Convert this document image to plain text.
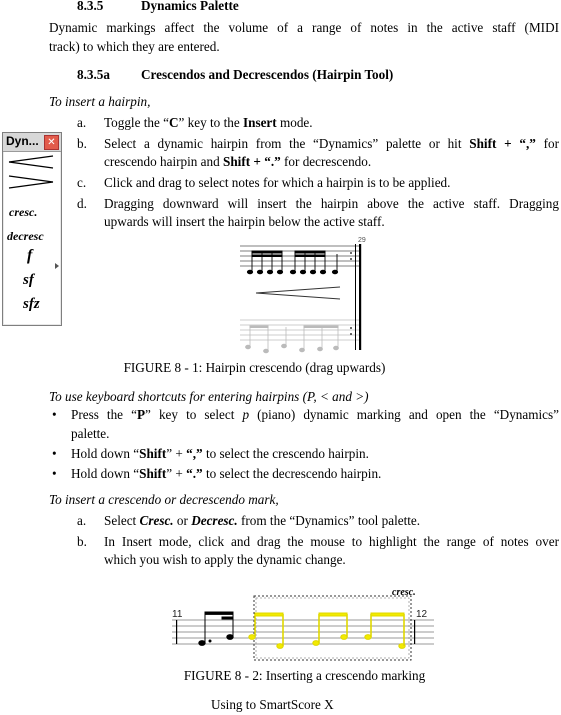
8.3.5	Dynamics Palette
Dynamic markings affect the volume of a range of notes in the active staff (MIDI
track) to which they are entered.
8.3.5a Crescendos and Decrescendos (Hairpin Tool)
To insert a hairpin,
a. Toggle the “C” key to the Insert mode.
b. Select a dynamic hairpin from the “Dynamics” palette or hit Shift + “,” for
crescendo hairpin and Shift + “.” for decrescendo.
c. Click and drag to select notes for which a hairpin is to be applied.
d. Dragging downward will insert the hairpin above the active staff. Dragging
upwards will insert the hairpin below the active staff.
Dyn... ✕
cresc.
decresc
f
sf
sfz
29
FIGURE 8 - 1: Hairpin crescendo (drag upwards)
To use keyboard shortcuts for entering hairpins (P, < and >)
• Press the “P” key to select p (piano) dynamic marking and open the “Dynamics”
palette.
• Hold down “Shift” + “,” to select the crescendo hairpin.
• Hold down “Shift” + “.” to select the decrescendo hairpin.
To insert a crescendo or decrescendo mark,
a. Select Cresc. or Decresc. from the “Dynamics” tool palette.
b. In Insert mode, click and drag the mouse to highlight the range of notes over
which you wish to apply the dynamic change.
11
cresc.
12
FIGURE 8 - 2: Inserting a crescendo marking
Using to SmartScore X
